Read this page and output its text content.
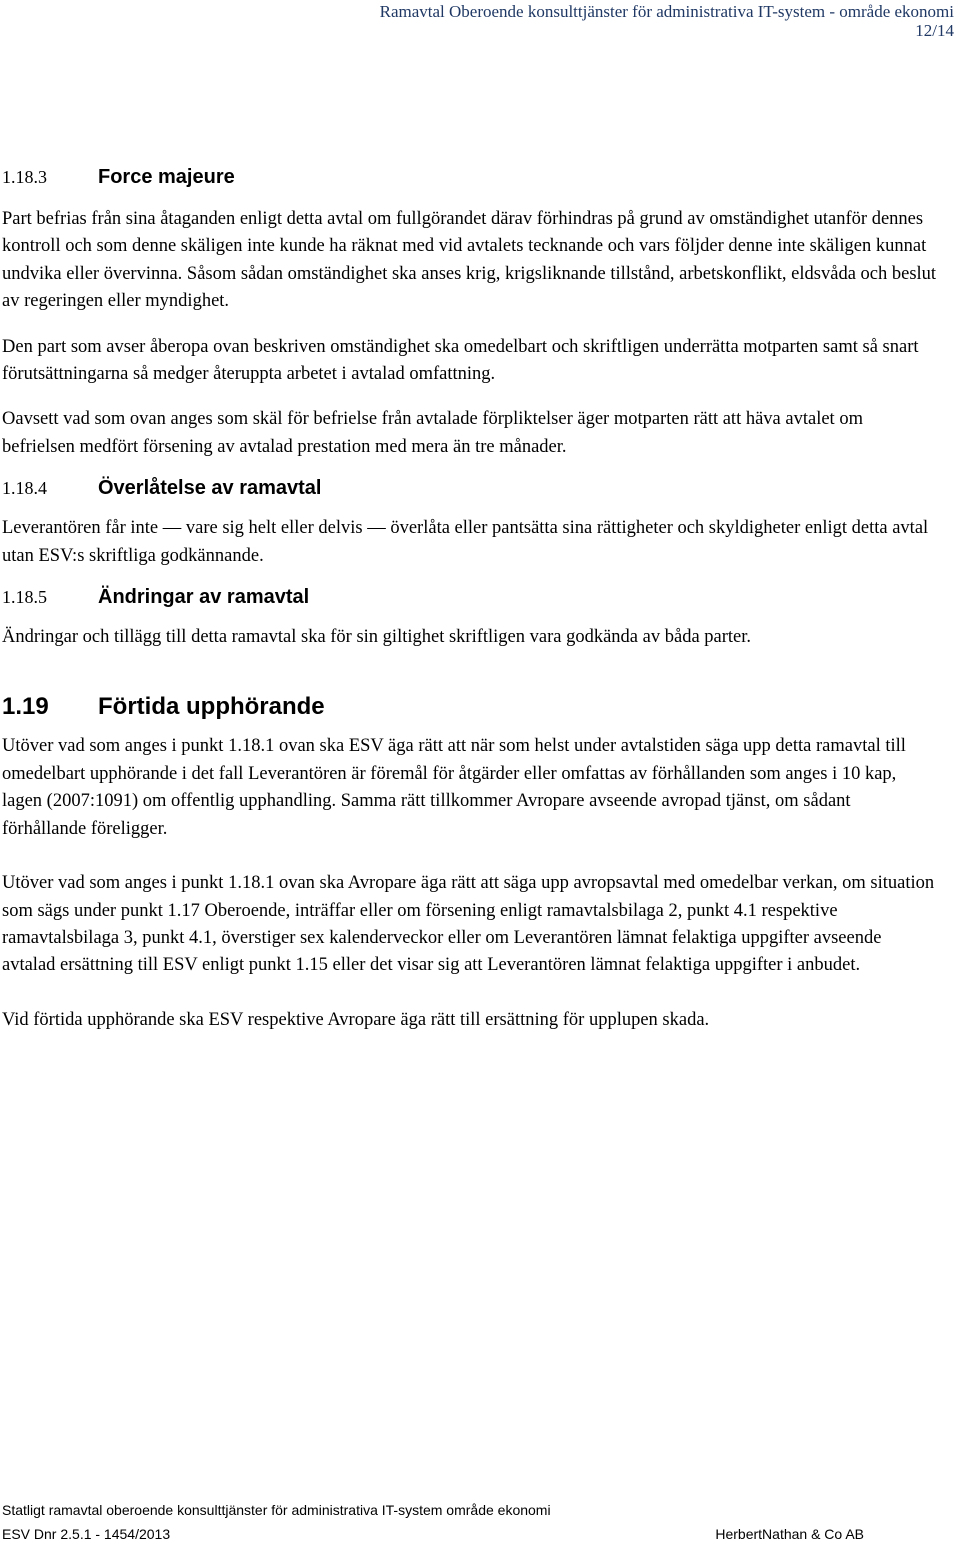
Ramavtal Oberoende konsulttjänster för administrativa IT-system - område ekonomi
12/14
1.18.3	Force majeure

Part befrias från sina åtaganden enligt detta avtal om fullgörandet därav förhindras på grund av omständighet utanför dennes kontroll och som denne skäligen inte kunde ha räknat med vid avtalets tecknande och vars följder denne inte skäligen kunnat undvika eller övervinna. Såsom sådan omständighet ska anses krig, krigsliknande tillstånd, arbetskonflikt, eldsvåda och beslut av regeringen eller myndighet.

Den part som avser åberopa ovan beskriven omständighet ska omedelbart och skriftligen underrätta motparten samt så snart förutsättningarna så medger återuppta arbetet i avtalad omfattning.

Oavsett vad som ovan anges som skäl för befrielse från avtalade förpliktelser äger motparten rätt att häva avtalet om befrielsen medfört försening av avtalad prestation med mera än tre månader.

1.18.4	Överlåtelse av ramavtal

Leverantören får inte — vare sig helt eller delvis — överlåta eller pantsätta sina rättigheter och skyldigheter enligt detta avtal utan ESV:s skriftliga godkännande.

1.18.5	Ändringar av ramavtal

Ändringar och tillägg till detta ramavtal ska för sin giltighet skriftligen vara godkända av båda parter.

1.19	Förtida upphörande

Utöver vad som anges i punkt 1.18.1 ovan ska ESV äga rätt att när som helst under avtalstiden säga upp detta ramavtal till omedelbart upphörande i det fall Leverantören är föremål för åtgärder eller omfattas av förhållanden som anges i 10 kap, lagen (2007:1091) om offentlig upphandling. Samma rätt tillkommer Avropare avseende avropad tjänst, om sådant förhållande föreligger.

Utöver vad som anges i punkt 1.18.1 ovan ska Avropare äga rätt att säga upp avropsavtal med omedelbar verkan, om situation som sägs under punkt 1.17 Oberoende, inträffar eller om försening enligt ramavtalsbilaga 2, punkt 4.1 respektive ramavtalsbilaga 3, punkt 4.1, överstiger sex kalenderveckor eller om Leverantören lämnat felaktiga uppgifter avseende avtalad ersättning till ESV enligt punkt 1.15 eller det visar sig att Leverantören lämnat felaktiga uppgifter i anbudet.

Vid förtida upphörande ska ESV respektive Avropare äga rätt till ersättning för upplupen skada.

Statligt ramavtal oberoende konsulttjänster för administrativa IT-system område ekonomi
ESV Dnr 2.5.1 - 1454/2013	HerbertNathan & Co AB
